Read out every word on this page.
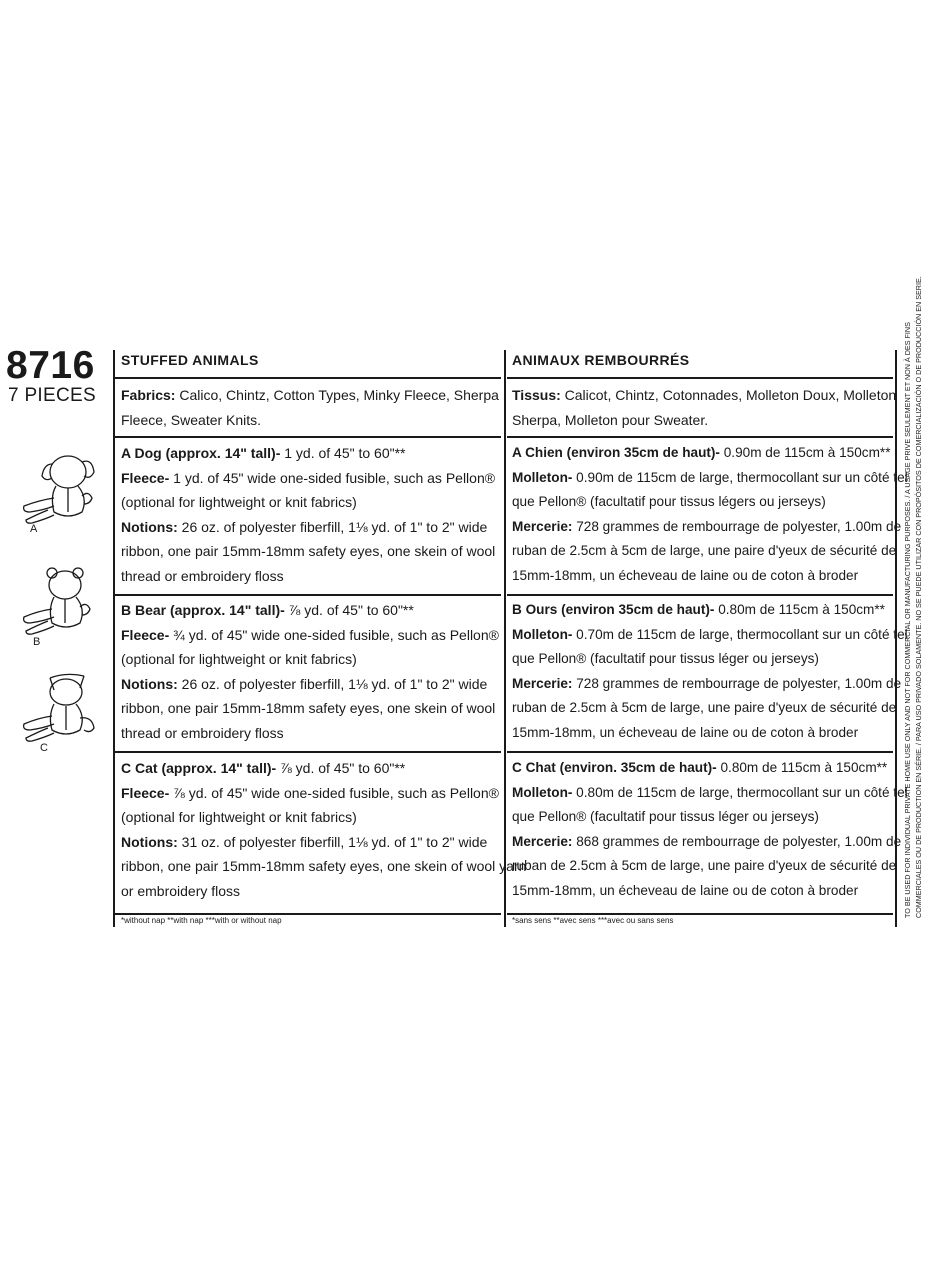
8716
7 PIECES
A
B
C
STUFFED ANIMALS
Fabrics: Calico, Chintz, Cotton Types, Minky Fleece, Sherpa
Fleece, Sweater Knits.
A Dog (approx. 14" tall)- 1 yd. of 45" to 60"**
Fleece- 1 yd. of 45" wide one-sided fusible, such as Pellon®
(optional for lightweight or knit fabrics)
Notions: 26 oz. of polyester fiberfill, 1⅛ yd. of 1" to 2" wide
ribbon, one pair 15mm-18mm safety eyes, one skein of wool
thread or embroidery floss
B Bear (approx. 14" tall)- ⅞ yd. of 45" to 60"**
Fleece- ¾ yd. of 45" wide one-sided fusible, such as Pellon®
(optional for lightweight or knit fabrics)
Notions: 26 oz. of polyester fiberfill, 1⅛ yd. of 1" to 2" wide
ribbon, one pair 15mm-18mm safety eyes, one skein of wool
thread or embroidery floss
C Cat (approx. 14" tall)- ⅞ yd. of 45" to 60"**
Fleece- ⅞ yd. of 45" wide one-sided fusible, such as Pellon®
(optional for lightweight or knit fabrics)
Notions: 31 oz. of polyester fiberfill, 1⅛ yd. of 1" to 2" wide
ribbon, one pair 15mm-18mm safety eyes, one skein of wool yarn
or embroidery floss
*without nap **with nap ***with or without nap
ANIMAUX REMBOURRÉS
Tissus: Calicot, Chintz, Cotonnades, Molleton Doux, Molleton
Sherpa, Molleton pour Sweater.
A Chien (environ 35cm de haut)- 0.90m de 115cm à 150cm**
Molleton- 0.90m de 115cm de large, thermocollant sur un côté tel
que Pellon® (facultatif pour tissus légers ou jerseys)
Mercerie: 728 grammes de rembourrage de polyester, 1.00m de
ruban de 2.5cm à 5cm de large, une paire d'yeux de sécurité de
15mm-18mm, un écheveau de laine ou de coton à broder
B Ours (environ 35cm de haut)- 0.80m de 115cm à 150cm**
Molleton- 0.70m de 115cm de large, thermocollant sur un côté tel
que Pellon® (facultatif pour tissus léger ou jerseys)
Mercerie: 728 grammes de rembourrage de polyester, 1.00m de
ruban de 2.5cm à 5cm de large, une paire d'yeux de sécurité de
15mm-18mm, un écheveau de laine ou de coton à broder
C Chat (environ. 35cm de haut)- 0.80m de 115cm à 150cm**
Molleton- 0.80m de 115cm de large, thermocollant sur un côté tel
que Pellon® (facultatif pour tissus léger ou jerseys)
Mercerie: 868 grammes de rembourrage de polyester, 1.00m de
ruban de 2.5cm à 5cm de large, une paire d'yeux de sécurité de
15mm-18mm, un écheveau de laine ou de coton à broder
*sans sens **avec sens ***avec ou sans sens
TO BE USED FOR INDIVIDUAL PRIVATE HOME USE ONLY AND NOT FOR COMMERCIAL OR MANUFACTURING PURPOSES. / A USAGE PRIVE SEULEMENT ET NON À DES FINS COMMERCIALES OU DE PRODUCTION EN SÉRIE. / PARA USO PRIVADO SOLAMENTE. NO SE PUEDE UTILIZAR CON PROPÓSITOS DE COMERCIALIZACIÓN O DE PRODUCCIÓN EN SERIE.
